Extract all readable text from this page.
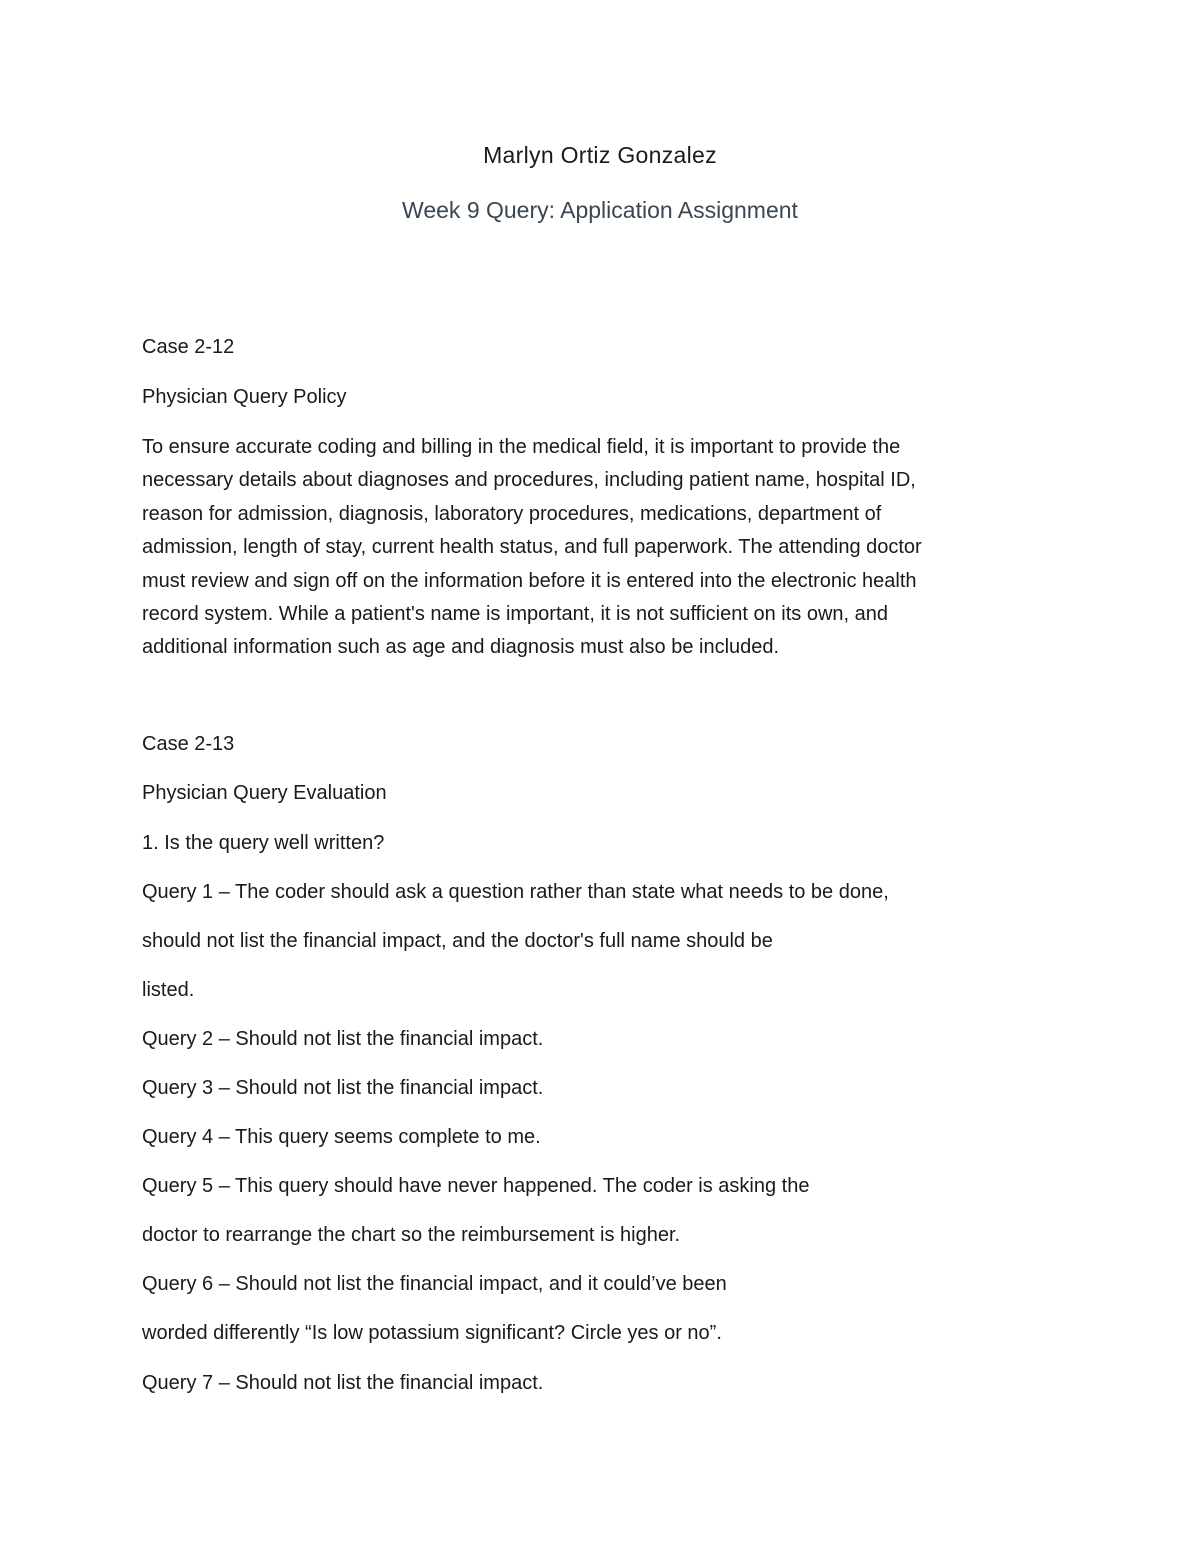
Marlyn Ortiz Gonzalez
Week 9 Query: Application Assignment
Case 2-12
Physician Query Policy
To ensure accurate coding and billing in the medical field, it is important to provide the
necessary details about diagnoses and procedures, including patient name, hospital ID,
reason for admission, diagnosis, laboratory procedures, medications, department of
admission, length of stay, current health status, and full paperwork. The attending doctor
must review and sign off on the information before it is entered into the electronic health
record system. While a patient's name is important, it is not sufficient on its own, and
additional information such as age and diagnosis must also be included.
Case 2-13
Physician Query Evaluation
1. Is the query well written?
Query 1 – The coder should ask a question rather than state what needs to be done,
should not list the financial impact, and the doctor's full name should be
listed.
Query 2 – Should not list the financial impact.
Query 3 – Should not list the financial impact.
Query 4 – This query seems complete to me.
Query 5 – This query should have never happened. The coder is asking the
doctor to rearrange the chart so the reimbursement is higher.
Query 6 – Should not list the financial impact, and it could’ve been
worded differently “Is low potassium significant? Circle yes or no”.
Query 7 – Should not list the financial impact.
